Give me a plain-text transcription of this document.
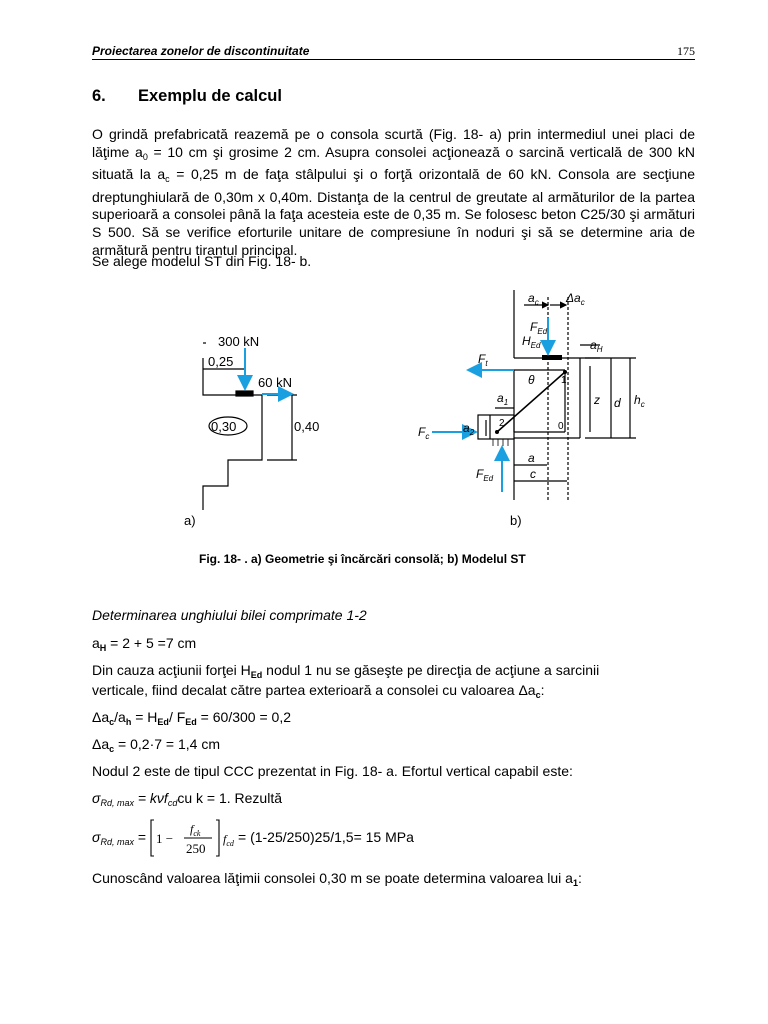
Proiectarea zonelor de discontinuitate	175
6. Exemplu de calcul
O grindă prefabricată reazemă pe o consola scurtă (Fig. 18- a) prin intermediul unei placi de lăţime $a_0 = 10$ cm şi grosime 2 cm. Asupra consolei acţionează o sarcină verticală de 300 kN situată la $a_c = 0,25$ m de faţa stâlpului şi o forţă orizontală de 60 kN. Consola are secţiune dreptunghiulară de 0,30m x 0,40m. Distanţa de la centrul de greutate al armăturilor de la partea superioară a consolei până la faţa acesteia este de 0,35 m. Se folosesc beton C25/30 şi armături S 500. Să se verifice eforturile unitare de compresiune în noduri şi să se determine aria de armătură pentru tirantul principal.
Se alege modelul ST din Fig. 18- b.
300 kN
0,25
60 kN
0,30	0,40
$a_c$ $\Delta a_c$
$F_{Ed}$
$H_{Ed}$	$a_H$
$F_t$
θ
$a_1$
$a_2$
$F_c$
z d $h_c$
a
c
$F_{Ed}$
1
2	0
a)	b)
Fig. 18- . a) Geometrie şi încărcări consolă; b) Modelul ST
Determinarea unghiului bilei comprimate 1-2
$a_H = 2 + 5 =7$ cm
Din cauza acţiunii forţei $H_{Ed}$ nodul 1 nu se găseşte pe direcţia de acţiune a sarcinii
verticale, fiind decalat către partea exterioară a consolei cu valoarea $\Delta a_c$:
$\Delta a_c/a_h = H_{Ed}/$ $F_{Ed} = 60/300 = 0,2$
$\Delta a_c = 0,2\cdot 7 = 1,4$ cm
Nodul 2 este de tipul CCC prezentat in Fig. 18- a. Efortul vertical capabil este:
$\sigma_{Rd, max} = k\nu f_{cd}cu$ k = 1. Rezultă
$\sigma_{Rd, max} = 1$ −
$f_{ck}$
250
$f_{cd} = (1-25/250)25/1,5= 15$ MPa
Cunoscând valoarea lăţimii consolei 0,30 m se poate determina valoarea lui $a_1$:
